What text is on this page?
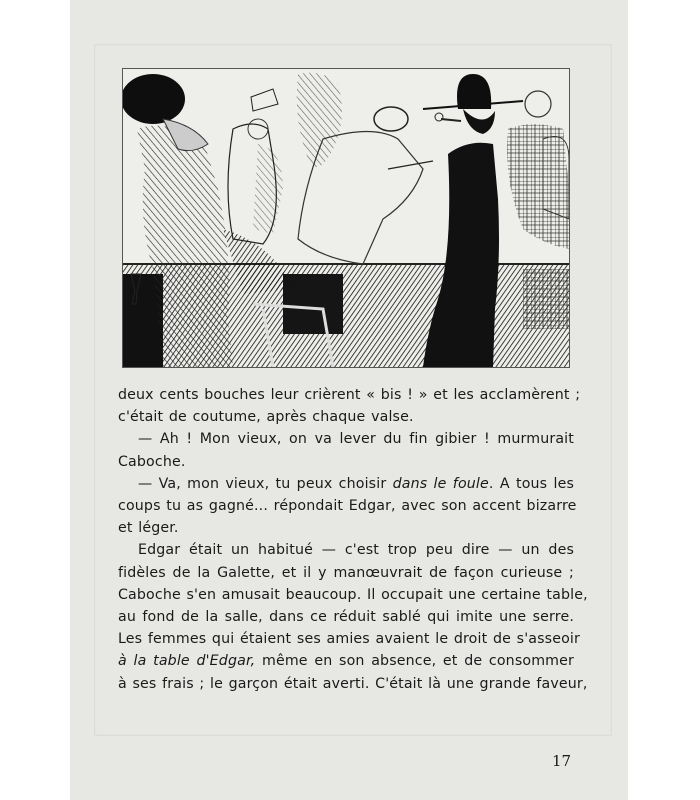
deux cents bouches leur crièrent « bis ! » et les acclamèrent ;
c'était de coutume, après chaque valse.

— Ah ! Mon vieux, on va lever du fin gibier ! murmurait
Caboche.

— Va, mon vieux, tu peux choisir dans le foule. A tous les
coups tu as gagné... répondait Edgar, avec son accent bizarre
et léger.

Edgar était un habitué — c'est trop peu dire — un des
fidèles de la Galette, et il y manœuvrait de façon curieuse ;
Caboche s'en amusait beaucoup. Il occupait une certaine table,
au fond de la salle, dans ce réduit sablé qui imite une serre.
Les femmes qui étaient ses amies avaient le droit de s'asseoir
à la table d'Edgar, même en son absence, et de consommer
à ses frais ; le garçon était averti. C'était là une grande faveur,

17
